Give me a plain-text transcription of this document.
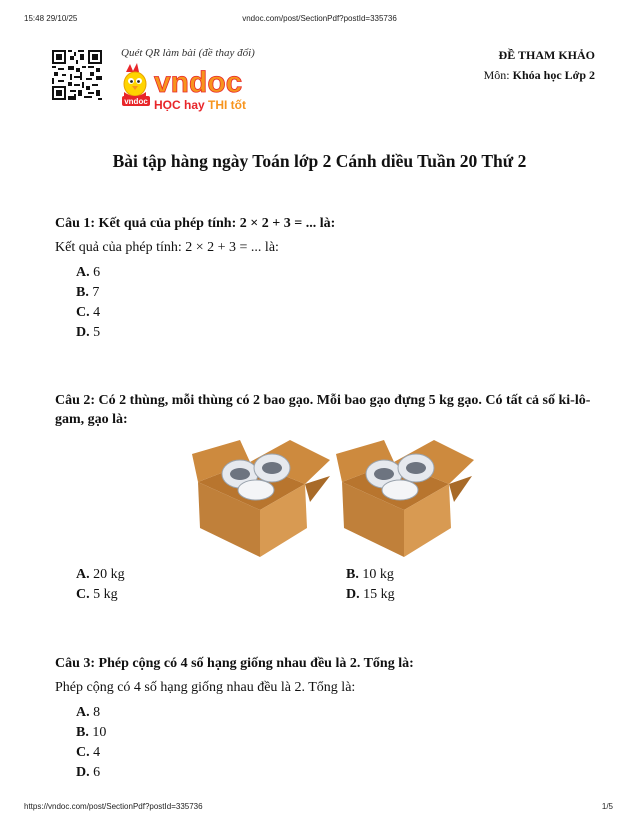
15:48 29/10/25	vndoc.com/post/SectionPdf?postId=335736
Quét QR làm bài (đề thay đổi)
vndoc
vndoc
HỌC hay THI tốt
ĐỀ THAM KHẢO
Môn: Khóa học Lớp 2
Bài tập hàng ngày Toán lớp 2 Cánh diều Tuần 20 Thứ 2
Câu 1: Kết quả của phép tính: 2 × 2 + 3 = ... là:
Kết quả của phép tính: 2 × 2 + 3 = ... là:
A. 6
B. 7
C. 4
D. 5
Câu 2: Có 2 thùng, mỗi thùng có 2 bao gạo. Mỗi bao gạo đựng 5 kg gạo. Có tất cả số ki-lô-gam, gạo là:
A. 20 kg	B. 10 kg
C. 5 kg	D. 15 kg
Câu 3: Phép cộng có 4 số hạng giống nhau đều là 2. Tổng là:
Phép cộng có 4 số hạng giống nhau đều là 2. Tổng là:
A. 8
B. 10
C. 4
D. 6
https://vndoc.com/post/SectionPdf?postId=335736	1/5
